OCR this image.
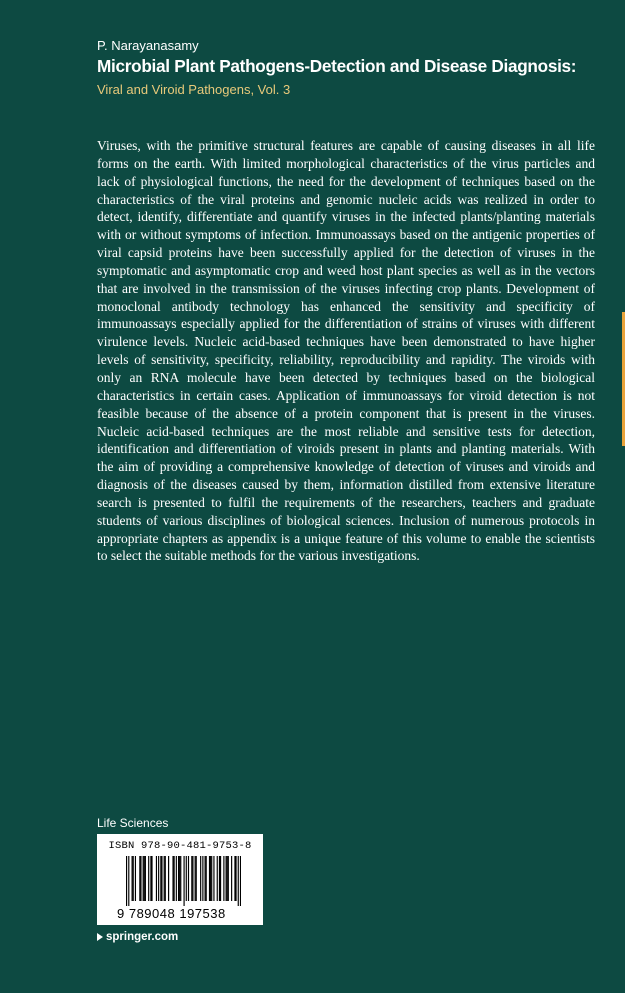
P. Narayanasamy
Microbial Plant Pathogens-Detection and Disease Diagnosis:
Viral and Viroid Pathogens, Vol. 3

Viruses, with the primitive structural features are capable of causing diseases in all life forms on the earth. With limited morphological characteristics of the virus particles and lack of physiological functions, the need for the development of techniques based on the characteristics of the viral proteins and genomic nucleic acids was realized in order to detect, identify, differentiate and quantify viruses in the infected plants/planting materials with or without symptoms of infection. Immunoassays based on the antigenic properties of viral capsid proteins have been successfully applied for the detection of viruses in the symptomatic and asymptomatic crop and weed host plant species as well as in the vectors that are involved in the transmission of the viruses infecting crop plants. Development of monoclonal antibody technology has enhanced the sensitivity and specificity of immunoassays especially applied for the differentiation of strains of viruses with different virulence levels. Nucleic acid-based techniques have been demonstrated to have higher levels of sensitivity, specificity, reliability, reproducibility and rapidity. The viroids with only an RNA molecule have been detected by techniques based on the biological characteristics in certain cases. Application of immunoassays for viroid detection is not feasible because of the absence of a protein component that is present in the viruses. Nucleic acid-based techniques are the most reliable and sensitive tests for detection, identification and differentiation of viroids present in plants and planting materials. With the aim of providing a comprehensive knowledge of detection of viruses and viroids and diagnosis of the diseases caused by them, information distilled from extensive literature search is presented to fulfil the requirements of the researchers, teachers and graduate students of various disciplines of biological sciences. Inclusion of numerous protocols in appropriate chapters as appendix is a unique feature of this volume to enable the scientists to select the suitable methods for the various investigations.

Life Sciences
ISBN 978-90-481-9753-8
9 789048 197538
springer.com
